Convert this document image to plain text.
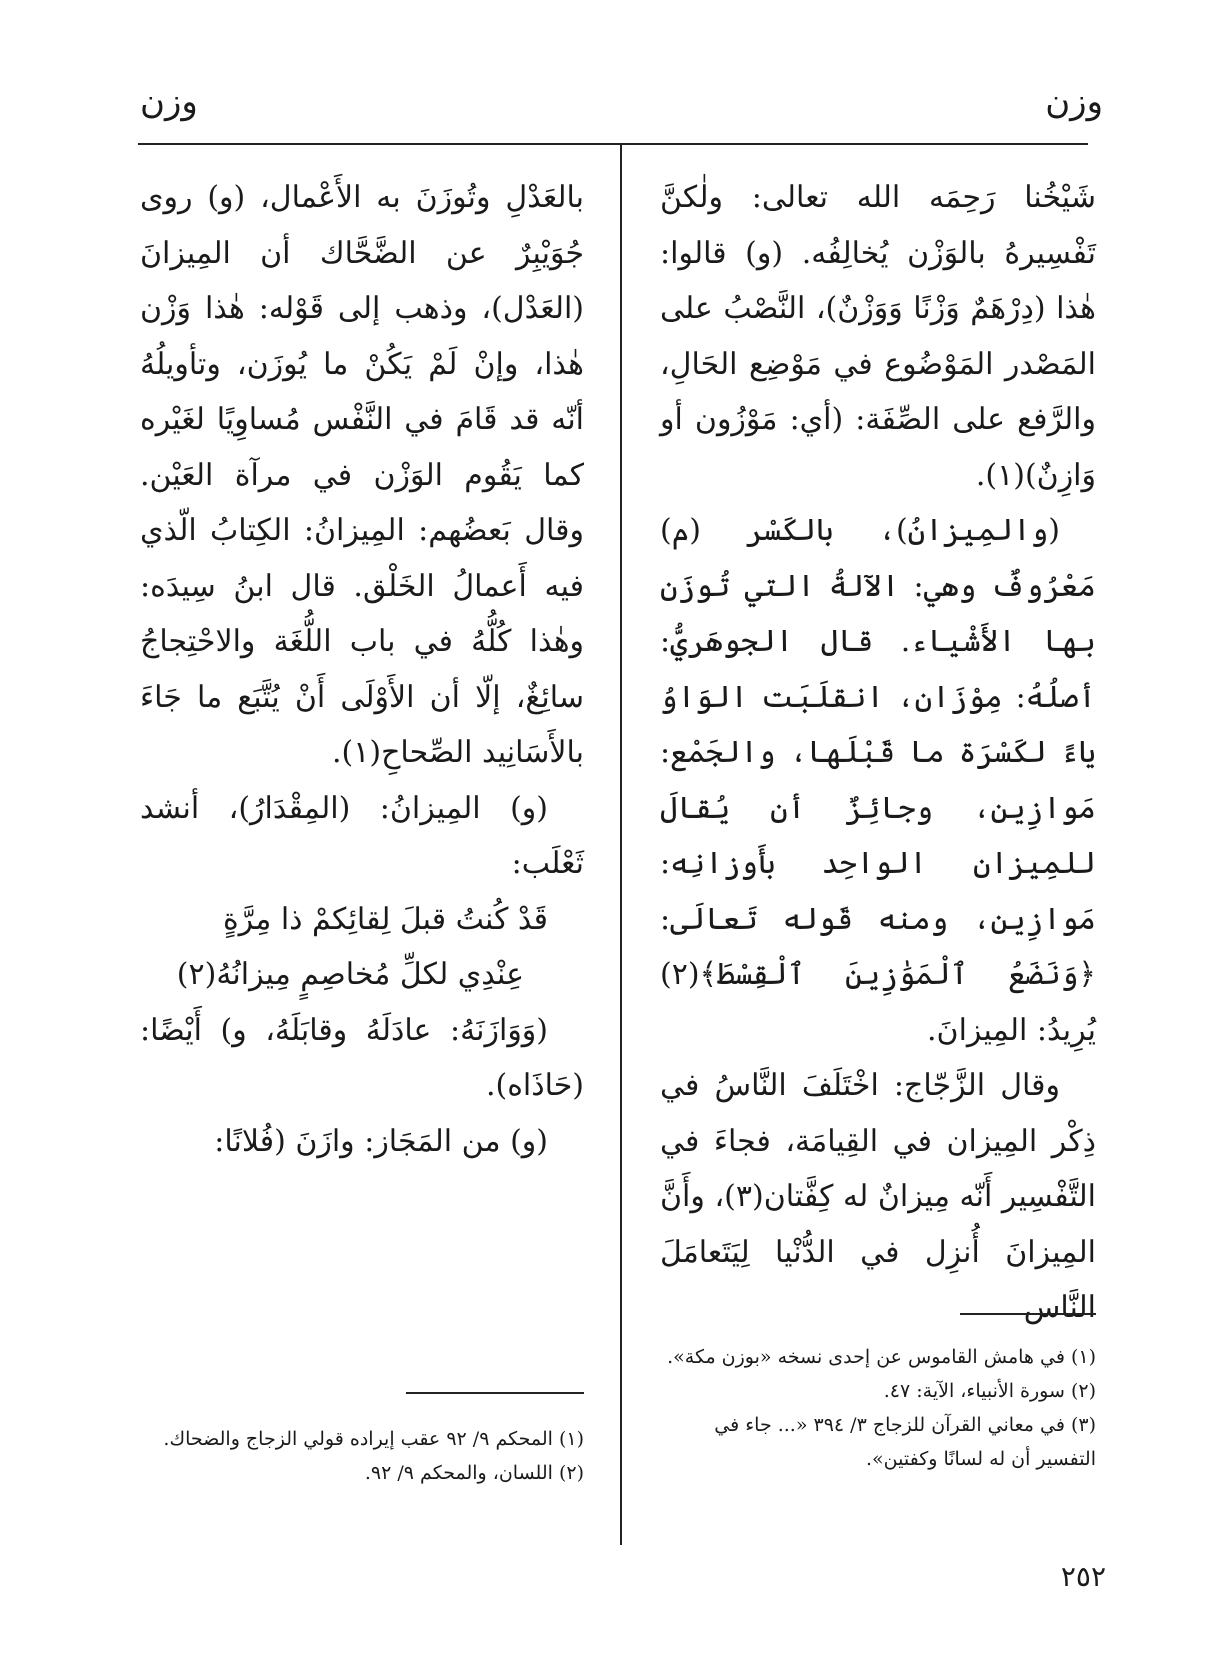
وزن
وزن

شَيْخُنا رَحِمَه الله تعالى: ولٰكنَّ تَفْسِيرهُ بالوَزْن يُخالِفُه. (و) قالوا: هٰذا (دِرْهَمٌ وَزْنًا وَوَزْنٌ)، النَّصْبُ على المَصْدر المَوْضُوع في مَوْضِع الحَالِ، والرَّفع على الصِّفَة: (أي: مَوْزُون أو وَازِنٌ)(١).

(والمِيزانُ)، بالكَسْر (م) مَعْرُوفٌ وهي: الآلةُ التي تُوزَن بها الأَشْياء. قال الجوهَريُّ: أصلُهُ: مِوْزَان، انقلَبَت الوَاوُ ياءً لكَسْرَة ما قَبْلَها، والجَمْع: مَوازِين، وجائِزٌ أن يُقالَ للمِيزان الواحِد بأَوزانِه: مَوازِين، ومنه قَوله تَعالَى: ﴿وَنَضَعُ ٱلْمَوَٰزِينَ ٱلْقِسْطَ﴾(٢) يُرِيدُ: المِيزانَ.

وقال الزَّجّاج: اخْتَلَفَ النَّاسُ في ذِكْر المِيزان في القِيامَة، فجاءَ في التَّفْسِير أَنّه مِيزانٌ له كِفَّتان(٣)، وأَنَّ المِيزانَ أُنزِل في الدُّنْيا لِيَتَعامَلَ النَّاس

بالعَدْلِ وتُوزَنَ به الأَعْمال، (و) روى جُوَيْبِرٌ عن الضَّحَّاك أن المِيزانَ (العَدْل)، وذهب إلى قَوْله: هٰذا وَزْن هٰذا، وإنْ لَمْ يَكُنْ ما يُوزَن، وتأويلُهُ أنّه قد قَامَ في النَّفْس مُساوِيًا لغَيْره كما يَقُوم الوَزْن في مرآة العَيْن. وقال بَعضُهم: المِيزانُ: الكِتابُ الّذي فيه أَعمالُ الخَلْق. قال ابنُ سِيدَه: وهٰذا كُلُّهُ في باب اللُّغَة والاحْتِجاجُ سائِغٌ، إلّا أن الأَوْلَى أَنْ يُتَّبَع ما جَاءَ بالأَسَانِيد الصِّحاحِ(١).

(و) المِيزانُ: (المِقْدَارُ)، أنشد ثَعْلَب:

قَدْ كُنتُ قبلَ لِقائِكمْ ذا مِرَّةٍ

عِنْدِي لكلِّ مُخاصِمٍ مِيزانُهُ(٢)

(وَوَازَنَهُ: عادَلَهُ وقابَلَهُ، و) أَيْضًا: (حَاذَاه).

(و) من المَجَاز: وازَنَ (فُلانًا:

(١) في هامش القاموس عن إحدى نسخه «بوزن مكة».

(٢) سورة الأنبياء، الآية: ٤٧.

(٣) في معاني القرآن للزجاج ٣/ ٣٩٤ «... جاء في التفسير أن له لسانًا وكفتين».

(١) المحكم ٩/ ٩٢ عقب إيراده قولي الزجاج والضحاك.

(٢) اللسان، والمحكم ٩/ ٩٢.

٢٥٢
